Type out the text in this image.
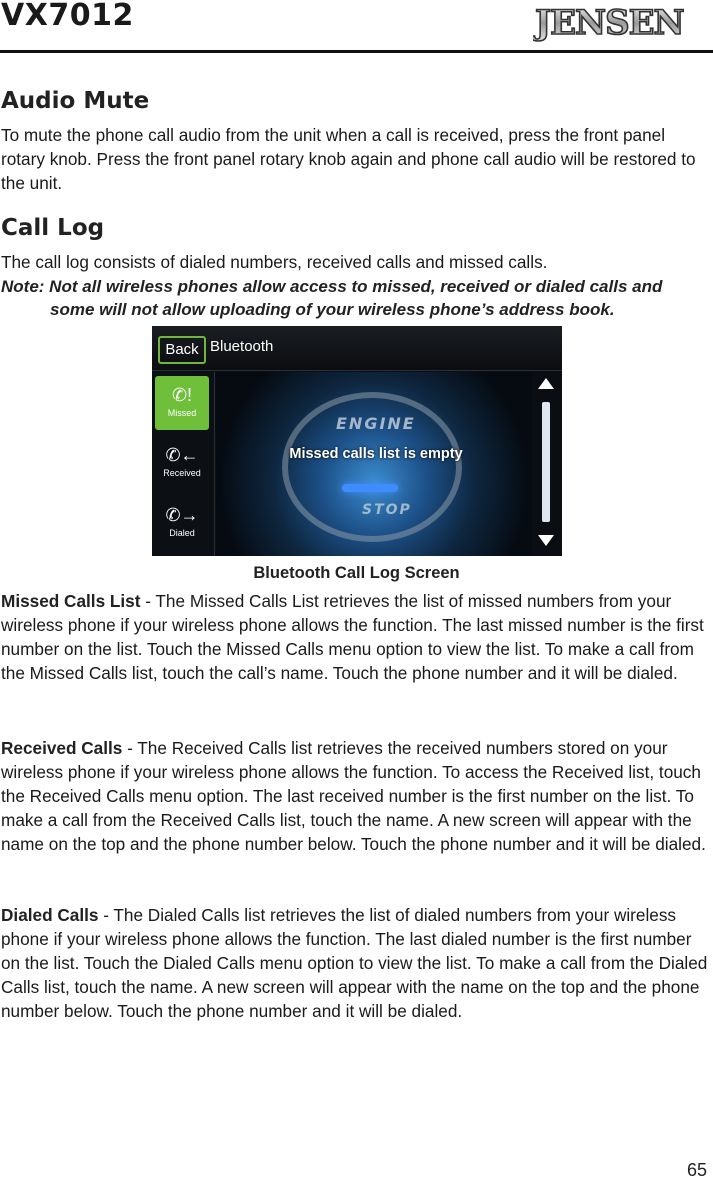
VX7012	JENSEN
Audio Mute
To mute the phone call audio from the unit when a call is received, press the front panel rotary knob. Press the front panel rotary knob again and phone call audio will be restored to the unit.
Call Log
The call log consists of dialed numbers, received calls and missed calls.
Note: Not all wireless phones allow access to missed, received or dialed calls and
some will not allow uploading of your wireless phone’s address book.
Back Bluetooth
✆!
Missed
✆←
Received
✆→
Dialed
ENGINE
STOP
Missed calls list is empty
Bluetooth Call Log Screen
Missed Calls List - The Missed Calls List retrieves the list of missed numbers from your wireless phone if your wireless phone allows the function. The last missed number is the first number on the list. Touch the Missed Calls menu option to view the list. To make a call from the Missed Calls list, touch the call’s name. Touch the phone number and it will be dialed.
Received Calls - The Received Calls list retrieves the received numbers stored on your wireless phone if your wireless phone allows the function. To access the Received list, touch the Received Calls menu option. The last received number is the first number on the list. To make a call from the Received Calls list, touch the name. A new screen will appear with the name on the top and the phone number below. Touch the phone number and it will be dialed.
Dialed Calls - The Dialed Calls list retrieves the list of dialed numbers from your wireless phone if your wireless phone allows the function. The last dialed number is the first number on the list. Touch the Dialed Calls menu option to view the list. To make a call from the Dialed Calls list, touch the name. A new screen will appear with the name on the top and the phone number below. Touch the phone number and it will be dialed.
65
